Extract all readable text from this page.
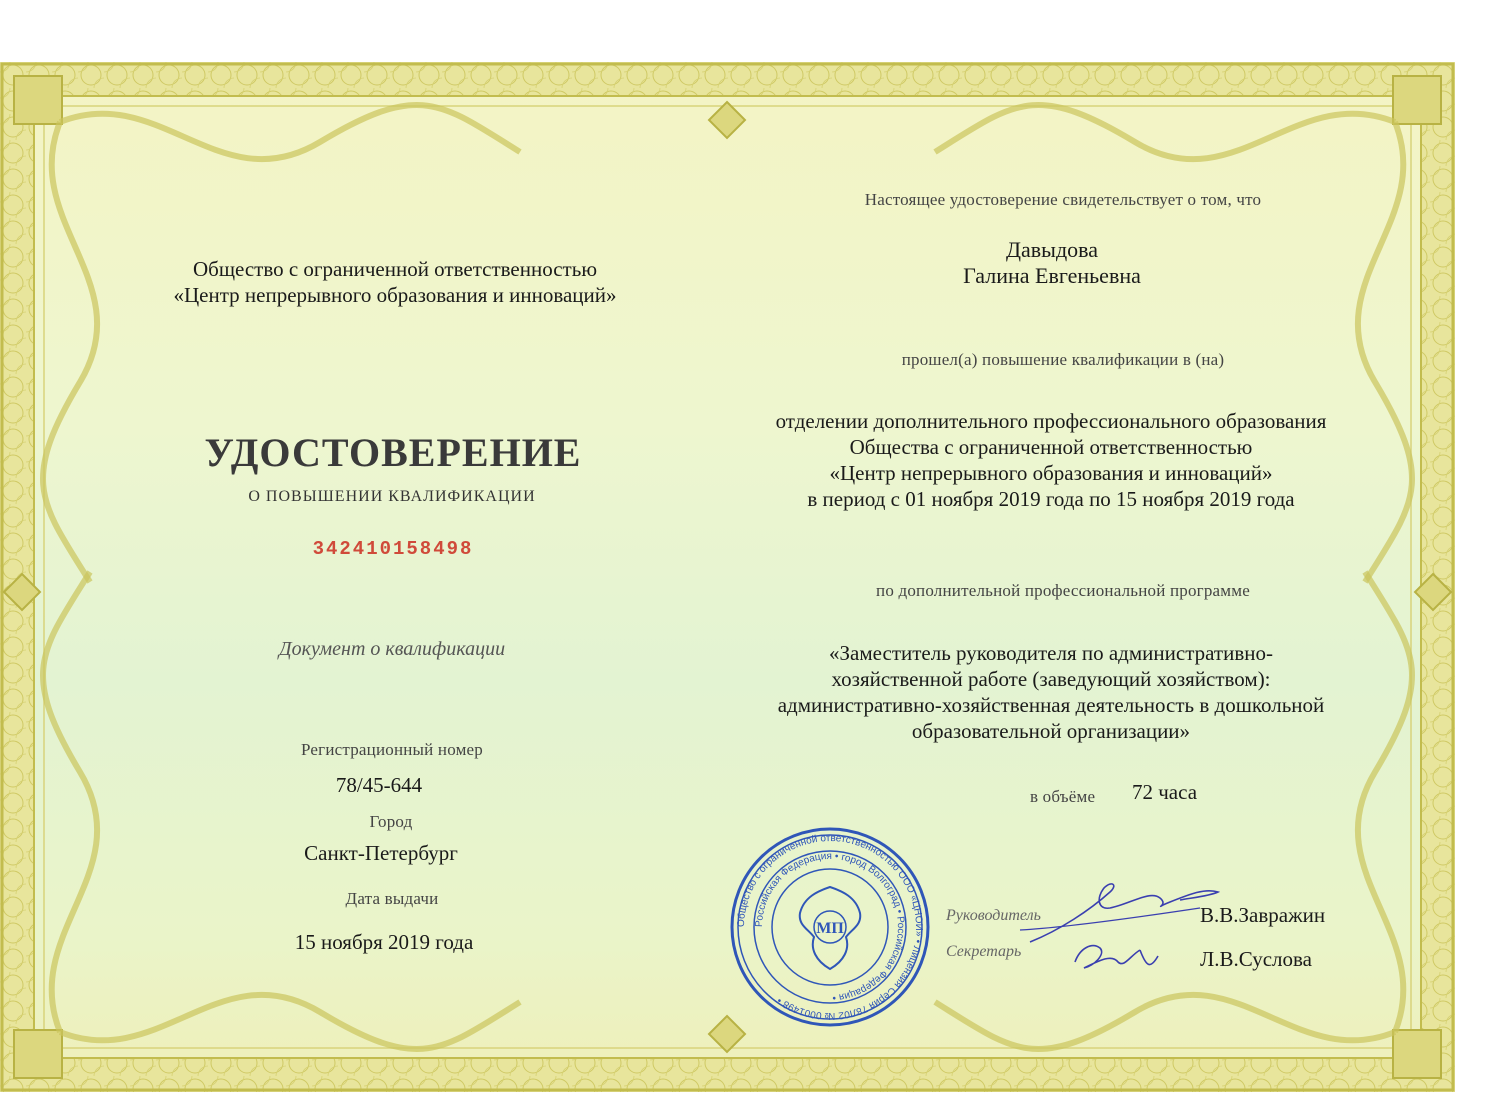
Общество с ограниченной ответственностью
«Центр непрерывного образования и инноваций»
УДОСТОВЕРЕНИЕ
О ПОВЫШЕНИИ КВАЛИФИКАЦИИ
342410158498
Документ о квалификации
Регистрационный номер
78/45-644
Город
Санкт-Петербург
Дата выдачи
15 ноября 2019 года
Настоящее удостоверение свидетельствует о том, что
Давыдова
Галина Евгеньевна
прошел(а) повышение квалификации в (на)
отделении дополнительного профессионального образования
Общества с ограниченной ответственностью
«Центр непрерывного образования и инноваций»
в период с 01 ноября 2019 года по 15 ноября 2019 года
по дополнительной профессиональной программе
«Заместитель руководителя по административно-
хозяйственной работе (заведующий хозяйством):
административно-хозяйственная деятельность в дошкольной
образовательной организации»
в объёме 72 часа
Руководитель	В.В.Завражин
Секретарь	Л.В.Суслова
Общество с ограниченной ответственностью ООО «ЦНОИ» • Лицензия Серия 78Л02 № 0001498 •
Российская Федерация • город Волгоград • Российская Федерация •
МП
